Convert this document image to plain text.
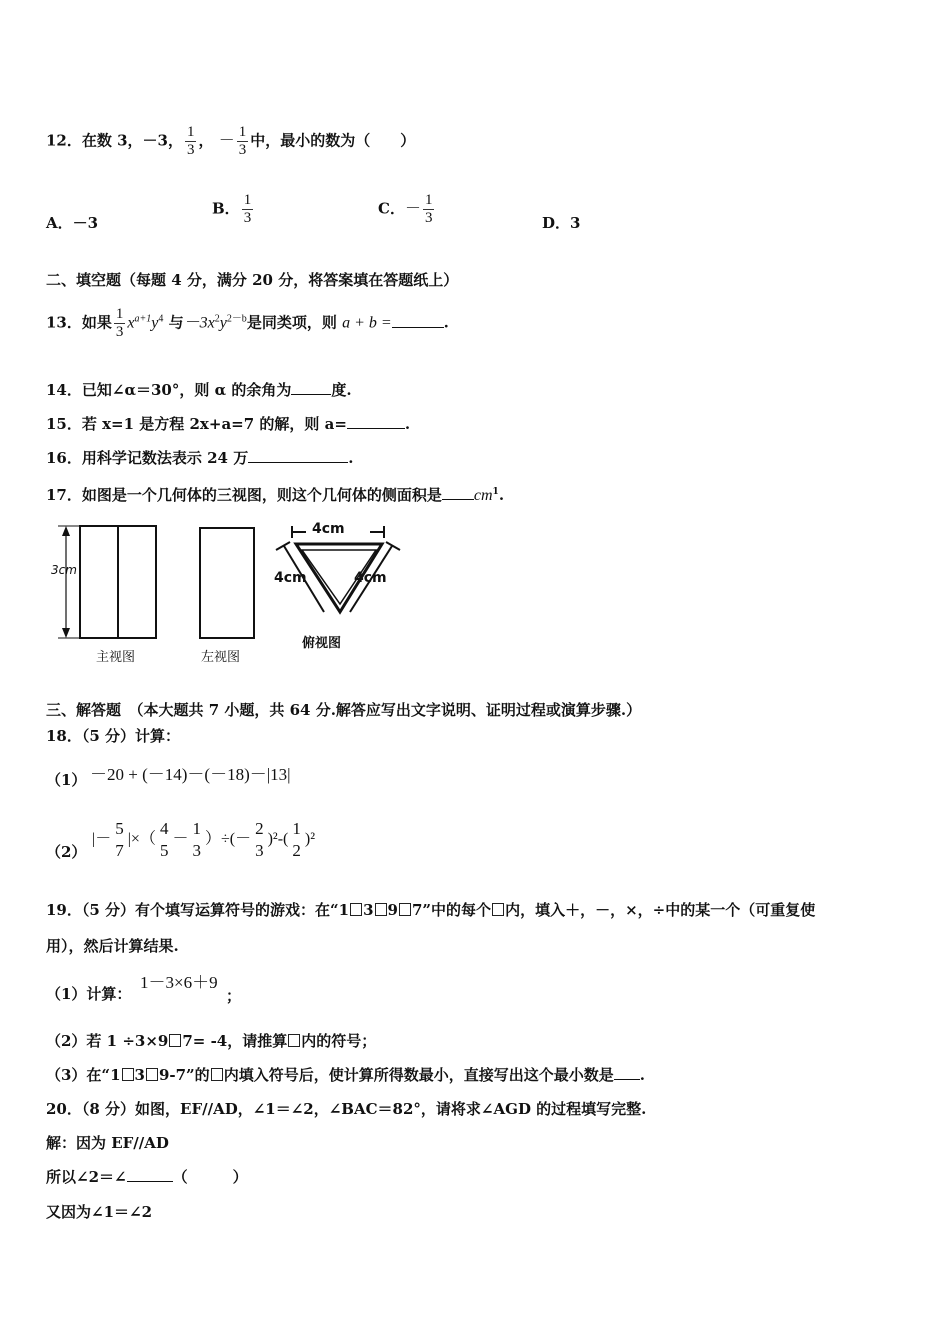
12．在数 3，－3， $\frac{1}{3}$ ， － $\frac{1}{3}$ 中，最小的数为（　　）
A．－3
B． $\frac{1}{3}$	C．－ $\frac{1}{3}$	D．3
二、填空题（每题 4 分，满分 20 分，将答案填在答题纸上）
13．如果 $\frac{1}{3} x^{a+1}y^4$ 与$-3x^2y^{2-b}$是同类项，则 a + b =	.
14．已知∠α＝30°，则 α 的余角为	度.
15．若 x=1 是方程 2x+a=7 的解，则 a=	.
16．用科学记数法表示 24 万	.
17．如图是一个几何体的三视图，则这个几何体的侧面积是 $cm^1$.
3cm
主视图	左视图
4cm
4cm	4cm
俯视图
三、解答题　（本大题共 7 小题，共 64 分.解答应写出文字说明、证明过程或演算步骤.）
18．（5 分）计算：
（1） －20 + (－14)－(－18)－|13|
（2）
|－
5
7
|×（
4
5
－
1
3
）÷(－
2
3
)²-(
1
2
)²
19．（5 分）有个填写运算符号的游戏：在“1 3 9 7”中的每个 内，填入＋，－，×，÷中的某一个（可重复使
用），然后计算结果.
（1）计算：
1－3×6＋9
；
（2）若 1 ÷3×9 7= -4，请推算 内的符号；
（3）在“1 3 9-7”的 内填入符号后，使计算所得数最小，直接写出这个最小数是 .
20．（8 分）如图，EF//AD，∠1＝∠2，∠BAC＝82°，请将求∠AGD 的过程填写完整.
解：因为 EF//AD
所以∠2＝∠	（　　　）
又因为∠1＝∠2
